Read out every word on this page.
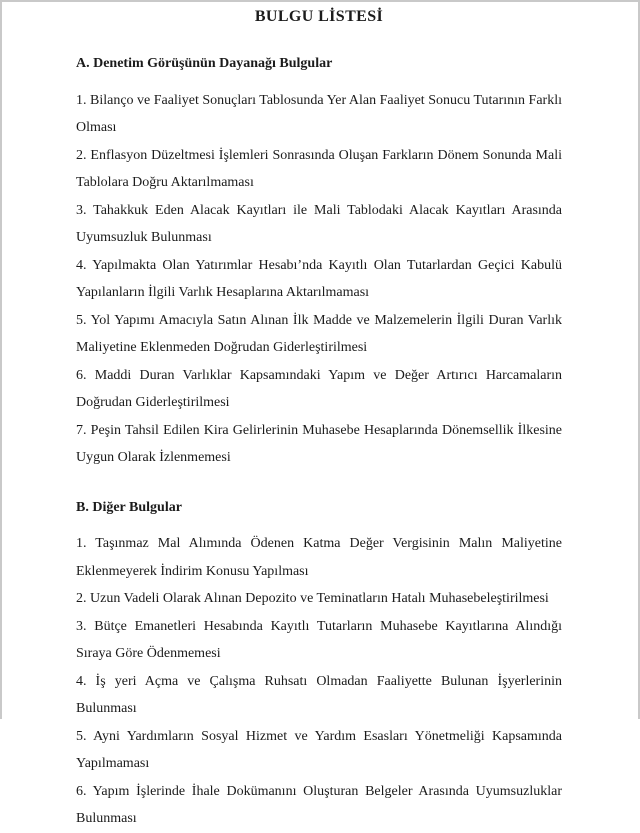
BULGU LİSTESİ
A. Denetim Görüşünün Dayanağı Bulgular

1. Bilanço ve Faaliyet Sonuçları Tablosunda Yer Alan Faaliyet Sonucu Tutarının Farklı Olması

2. Enflasyon Düzeltmesi İşlemleri Sonrasında Oluşan Farkların Dönem Sonunda Mali Tablolara Doğru Aktarılmaması

3. Tahakkuk Eden Alacak Kayıtları ile Mali Tablodaki Alacak Kayıtları Arasında Uyumsuzluk Bulunması

4. Yapılmakta Olan Yatırımlar Hesabı’nda Kayıtlı Olan Tutarlardan Geçici Kabulü Yapılanların İlgili Varlık Hesaplarına Aktarılmaması

5. Yol Yapımı Amacıyla Satın Alınan İlk Madde ve Malzemelerin İlgili Duran Varlık Maliyetine Eklenmeden Doğrudan Giderleştirilmesi

6. Maddi Duran Varlıklar Kapsamındaki Yapım ve Değer Artırıcı Harcamaların Doğrudan Giderleştirilmesi

7. Peşin Tahsil Edilen Kira Gelirlerinin Muhasebe Hesaplarında Dönemsellik İlkesine Uygun Olarak İzlenmemesi

B. Diğer Bulgular

1. Taşınmaz Mal Alımında Ödenen Katma Değer Vergisinin Malın Maliyetine Eklenmeyerek İndirim Konusu Yapılması

2. Uzun Vadeli Olarak Alınan Depozito ve Teminatların Hatalı Muhasebeleştirilmesi

3. Bütçe Emanetleri Hesabında Kayıtlı Tutarların Muhasebe Kayıtlarına Alındığı Sıraya Göre Ödenmemesi

4. İş yeri Açma ve Çalışma Ruhsatı Olmadan Faaliyette Bulunan İşyerlerinin Bulunması

5. Ayni Yardımların Sosyal Hizmet ve Yardım Esasları Yönetmeliği Kapsamında Yapılmaması

6. Yapım İşlerinde İhale Dokümanını Oluşturan Belgeler Arasında Uyumsuzluklar Bulunması
